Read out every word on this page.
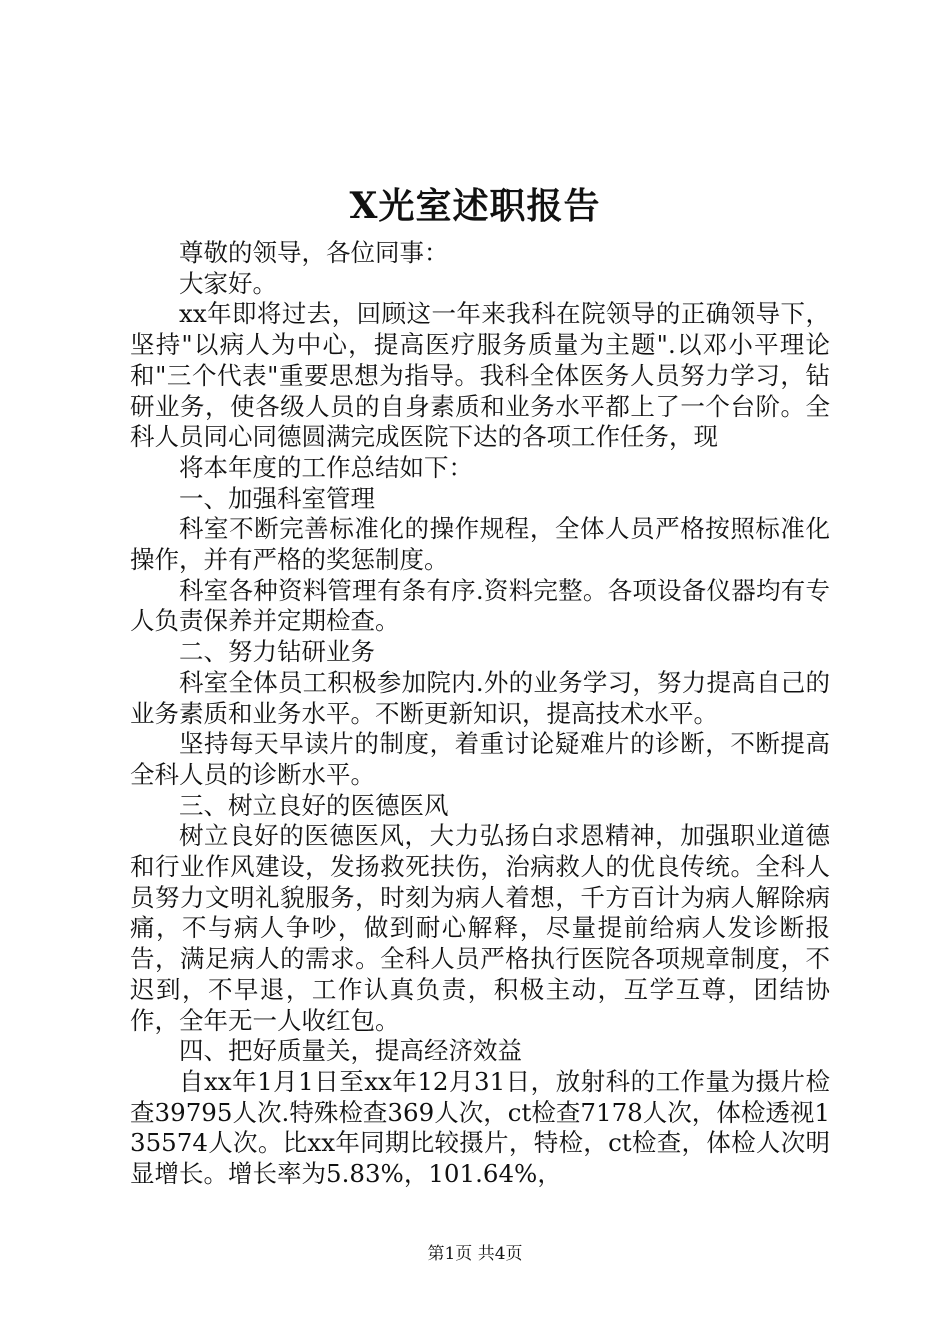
X光室述职报告

尊敬的领导，各位同事：

大家好。

xx年即将过去，回顾这一年来我科在院领导的正确领导下，坚持"以病人为中心，提高医疗服务质量为主题".以邓小平理论和"三个代表"重要思想为指导。我科全体医务人员努力学习，钻研业务，使各级人员的自身素质和业务水平都上了一个台阶。全科人员同心同德圆满完成医院下达的各项工作任务，现

将本年度的工作总结如下：

一、加强科室管理

科室不断完善标准化的操作规程，全体人员严格按照标准化操作，并有严格的奖惩制度。

科室各种资料管理有条有序.资料完整。各项设备仪器均有专人负责保养并定期检查。

二、努力钻研业务

科室全体员工积极参加院内.外的业务学习，努力提高自己的业务素质和业务水平。不断更新知识，提高技术水平。

坚持每天早读片的制度，着重讨论疑难片的诊断，不断提高全科人员的诊断水平。

三、树立良好的医德医风

树立良好的医德医风，大力弘扬白求恩精神，加强职业道德和行业作风建设，发扬救死扶伤，治病救人的优良传统。全科人员努力文明礼貌服务，时刻为病人着想，千方百计为病人解除病痛，不与病人争吵，做到耐心解释，尽量提前给病人发诊断报告，满足病人的需求。全科人员严格执行医院各项规章制度，不迟到，不早退，工作认真负责，积极主动，互学互尊，团结协作，全年无一人收红包。

四、把好质量关，提高经济效益

自xx年1月1日至xx年12月31日，放射科的工作量为摄片检查39795人次.特殊检查369人次，ct检查7178人次，体检透视135574人次。比xx年同期比较摄片，特检，ct检查，体检人次明显增长。增长率为5.83%，101.64%，

第1页 共4页
